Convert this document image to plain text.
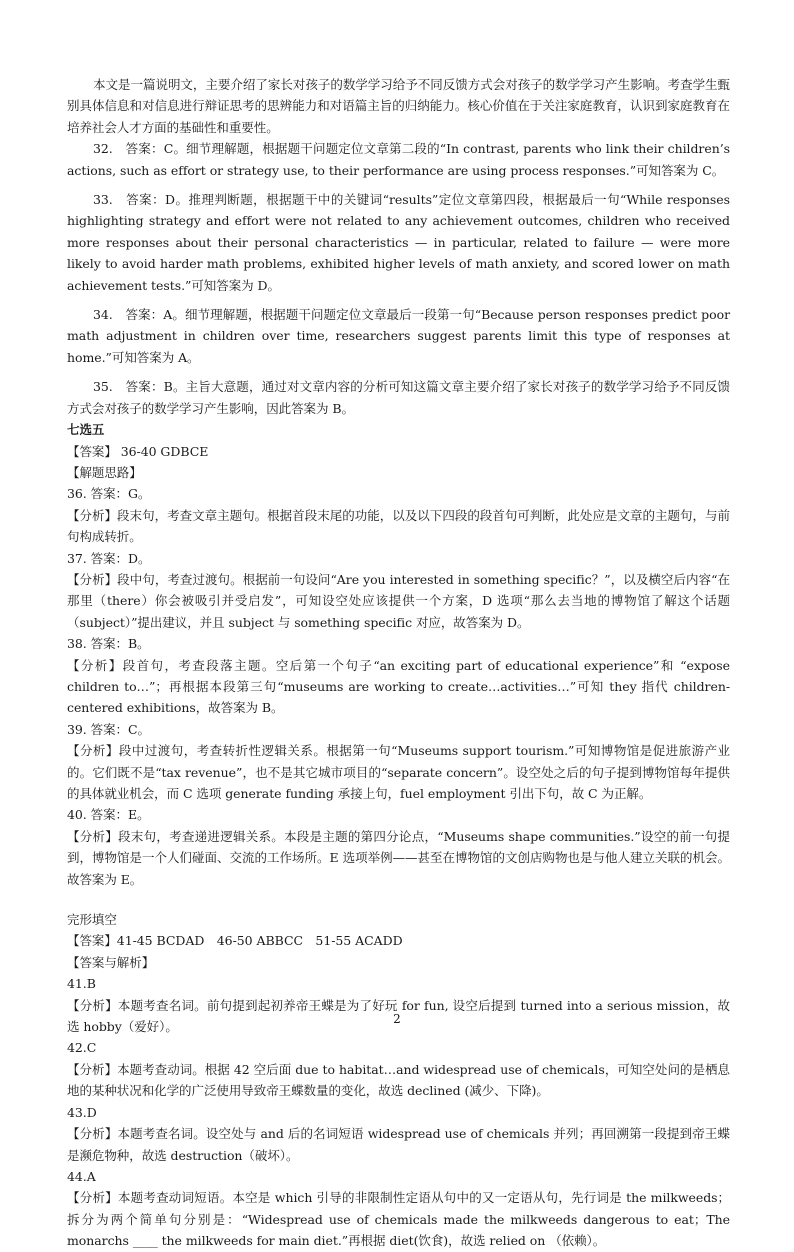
本文是一篇说明文，主要介绍了家长对孩子的数学学习给予不同反馈方式会对孩子的数学学习产生影响。考查学生甄别具体信息和对信息进行辩证思考的思辨能力和对语篇主旨的归纳能力。核心价值在于关注家庭教育，认识到家庭教育在培养社会人才方面的基础性和重要性。

32.　答案：C。细节理解题，根据题干问题定位文章第二段的“In contrast, parents who link their children’s actions, such as effort or strategy use, to their performance are using process responses.”可知答案为 C。

33.　答案：D。推理判断题，根据题干中的关键词“results”定位文章第四段，根据最后一句“While responses highlighting strategy and effort were not related to any achievement outcomes, children who received more responses about their personal characteristics — in particular, related to failure — were more likely to avoid harder math problems, exhibited higher levels of math anxiety, and scored lower on math achievement tests.”可知答案为 D。

34.　答案：A。细节理解题，根据题干问题定位文章最后一段第一句“Because person responses predict poor math adjustment in children over time, researchers suggest parents limit this type of responses at home.”可知答案为 A。

35.　答案：B。主旨大意题，通过对文章内容的分析可知这篇文章主要介绍了家长对孩子的数学学习给予不同反馈方式会对孩子的数学学习产生影响，因此答案为 B。

七选五

【答案】 36-40 GDBCE

【解题思路】

36. 答案：G。

【分析】段末句，考查文章主题句。根据首段末尾的功能，以及以下四段的段首句可判断，此处应是文章的主题句，与前句构成转折。

37. 答案：D。

【分析】段中句，考查过渡句。根据前一句设问“Are you interested in something specific？”，以及横空后内容“在那里（there）你会被吸引并受启发”，可知设空处应该提供一个方案，D 选项“那么去当地的博物馆了解这个话题（subject）”提出建议，并且 subject 与 something specific 对应，故答案为 D。

38. 答案：B。

【分析】段首句，考查段落主题。空后第一个句子“an exciting part of educational experience”和 “expose children to…”；再根据本段第三句“museums are working to create…activities…”可知 they 指代 children-centered exhibitions，故答案为 B。

39. 答案：C。

【分析】段中过渡句，考查转折性逻辑关系。根据第一句“Museums support tourism.”可知博物馆是促进旅游产业的。它们既不是“tax revenue”，也不是其它城市项目的“separate concern”。设空处之后的句子提到博物馆每年提供的具体就业机会，而 C 选项 generate funding 承接上句，fuel employment 引出下句，故 C 为正解。

40. 答案：E。

【分析】段末句，考查递进逻辑关系。本段是主题的第四分论点，“Museums shape communities.”设空的前一句提到，博物馆是一个人们碰面、交流的工作场所。E 选项举例——甚至在博物馆的文创店购物也是与他人建立关联的机会。故答案为 E。

完形填空

【答案】41-45 BCDAD　46-50 ABBCC　51-55 ACADD

【答案与解析】

41.B

【分析】本题考查名词。前句提到起初养帝王蝶是为了好玩 for fun, 设空后提到 turned into a serious mission，故选 hobby（爱好）。

42.C

【分析】本题考查动词。根据 42 空后面 due to habitat…and widespread use of chemicals，可知空处问的是栖息地的某种状况和化学的广泛使用导致帝王蝶数量的变化，故选 declined (减少、下降)。

43.D

【分析】本题考查名词。设空处与 and 后的名词短语 widespread use of chemicals 并列；再回溯第一段提到帝王蝶是濒危物种，故选 destruction（破坏）。

44.A

【分析】本题考查动词短语。本空是 which 引导的非限制性定语从句中的又一定语从句，先行词是 the milkweeds；拆分为两个简单句分别是：“Widespread use of chemicals made the milkweeds dangerous to eat；The monarchs ____ the milkweeds for main diet.”再根据 diet(饮食)，故选 relied on （依赖）。

2
